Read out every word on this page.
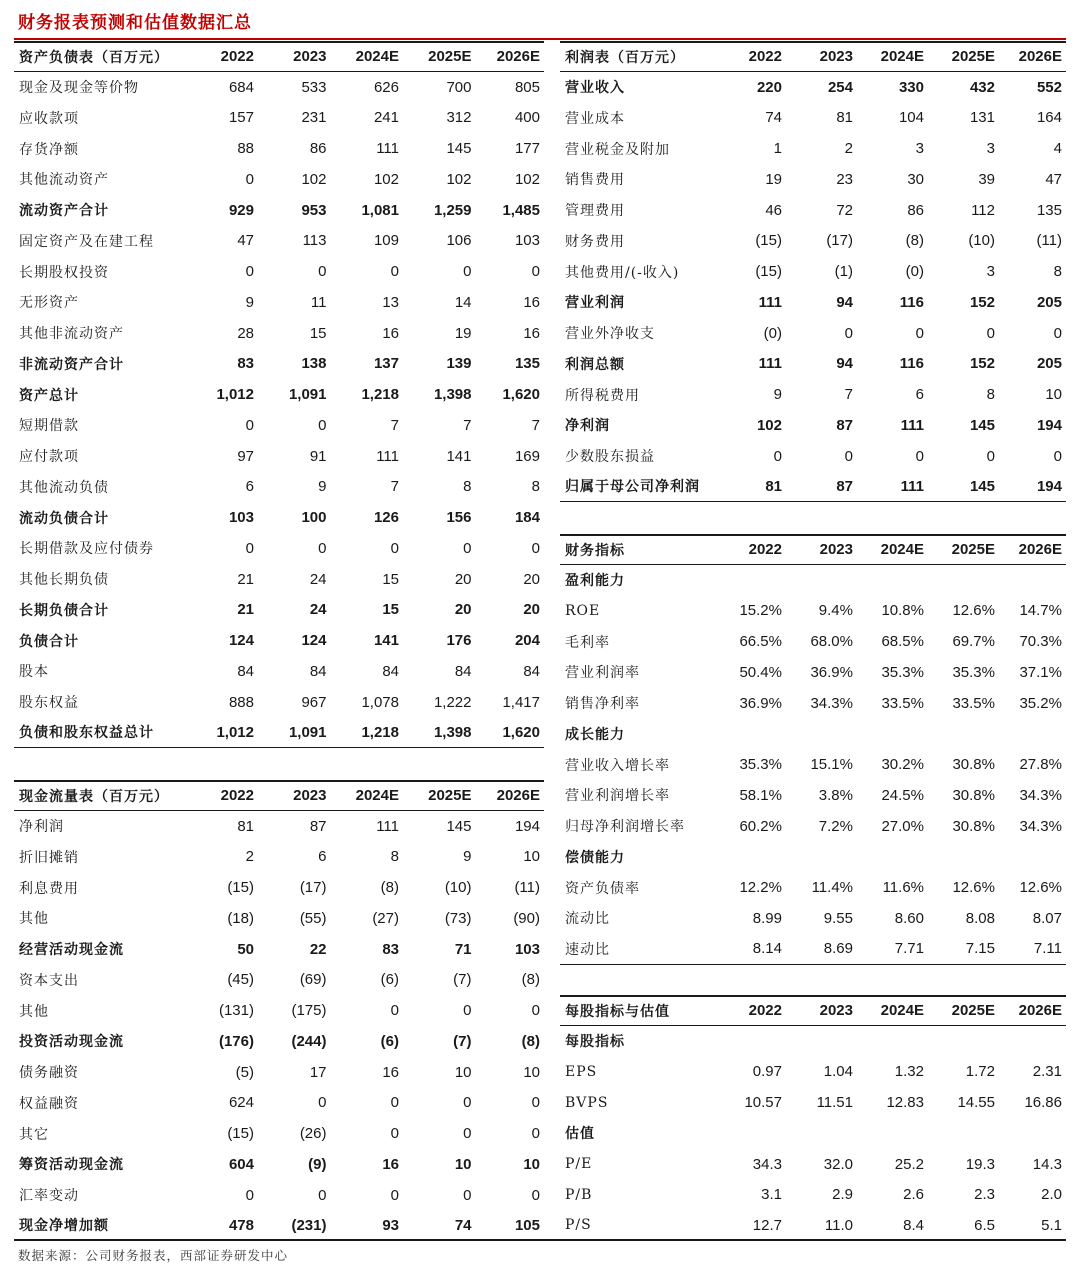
财务报表预测和估值数据汇总
资产负债表（百万元）	2022	2023	2024E	2025E	2026E
现金及现金等价物	684	533	626	700	805
应收款项	157	231	241	312	400
存货净额	88	86	111	145	177
其他流动资产	0	102	102	102	102
流动资产合计	929	953	1,081	1,259	1,485
固定资产及在建工程	47	113	109	106	103
长期股权投资	0	0	0	0	0
无形资产	9	11	13	14	16
其他非流动资产	28	15	16	19	16
非流动资产合计	83	138	137	139	135
资产总计	1,012	1,091	1,218	1,398	1,620
短期借款	0	0	7	7	7
应付款项	97	91	111	141	169
其他流动负债	6	9	7	8	8
流动负债合计	103	100	126	156	184
长期借款及应付债券	0	0	0	0	0
其他长期负债	21	24	15	20	20
长期负债合计	21	24	15	20	20
负债合计	124	124	141	176	204
股本	84	84	84	84	84
股东权益	888	967	1,078	1,222	1,417
负债和股东权益总计	1,012	1,091	1,218	1,398	1,620
现金流量表（百万元）	2022	2023	2024E	2025E	2026E
净利润	81	87	111	145	194
折旧摊销	2	6	8	9	10
利息费用	(15)	(17)	(8)	(10)	(11)
其他	(18)	(55)	(27)	(73)	(90)
经营活动现金流	50	22	83	71	103
资本支出	(45)	(69)	(6)	(7)	(8)
其他	(131)	(175)	0	0	0
投资活动现金流	(176)	(244)	(6)	(7)	(8)
债务融资	(5)	17	16	10	10
权益融资	624	0	0	0	0
其它	(15)	(26)	0	0	0
筹资活动现金流	604	(9)	16	10	10
汇率变动	0	0	0	0	0
现金净增加额	478	(231)	93	74	105
利润表（百万元）	2022	2023	2024E	2025E	2026E
营业收入	220	254	330	432	552
营业成本	74	81	104	131	164
营业税金及附加	1	2	3	3	4
销售费用	19	23	30	39	47
管理费用	46	72	86	112	135
财务费用	(15)	(17)	(8)	(10)	(11)
其他费用/(-收入)	(15)	(1)	(0)	3	8
营业利润	111	94	116	152	205
营业外净收支	(0)	0	0	0	0
利润总额	111	94	116	152	205
所得税费用	9	7	6	8	10
净利润	102	87	111	145	194
少数股东损益	0	0	0	0	0
归属于母公司净利润	81	87	111	145	194
财务指标	2022	2023	2024E	2025E	2026E
盈利能力
ROE	15.2%	9.4%	10.8%	12.6%	14.7%
毛利率	66.5%	68.0%	68.5%	69.7%	70.3%
营业利润率	50.4%	36.9%	35.3%	35.3%	37.1%
销售净利率	36.9%	34.3%	33.5%	33.5%	35.2%
成长能力
营业收入增长率	35.3%	15.1%	30.2%	30.8%	27.8%
营业利润增长率	58.1%	3.8%	24.5%	30.8%	34.3%
归母净利润增长率	60.2%	7.2%	27.0%	30.8%	34.3%
偿债能力
资产负债率	12.2%	11.4%	11.6%	12.6%	12.6%
流动比	8.99	9.55	8.60	8.08	8.07
速动比	8.14	8.69	7.71	7.15	7.11
每股指标与估值	2022	2023	2024E	2025E	2026E
每股指标
EPS	0.97	1.04	1.32	1.72	2.31
BVPS	10.57	11.51	12.83	14.55	16.86
估值
P/E	34.3	32.0	25.2	19.3	14.3
P/B	3.1	2.9	2.6	2.3	2.0
P/S	12.7	11.0	8.4	6.5	5.1
数据来源：公司财务报表，西部证券研发中心
